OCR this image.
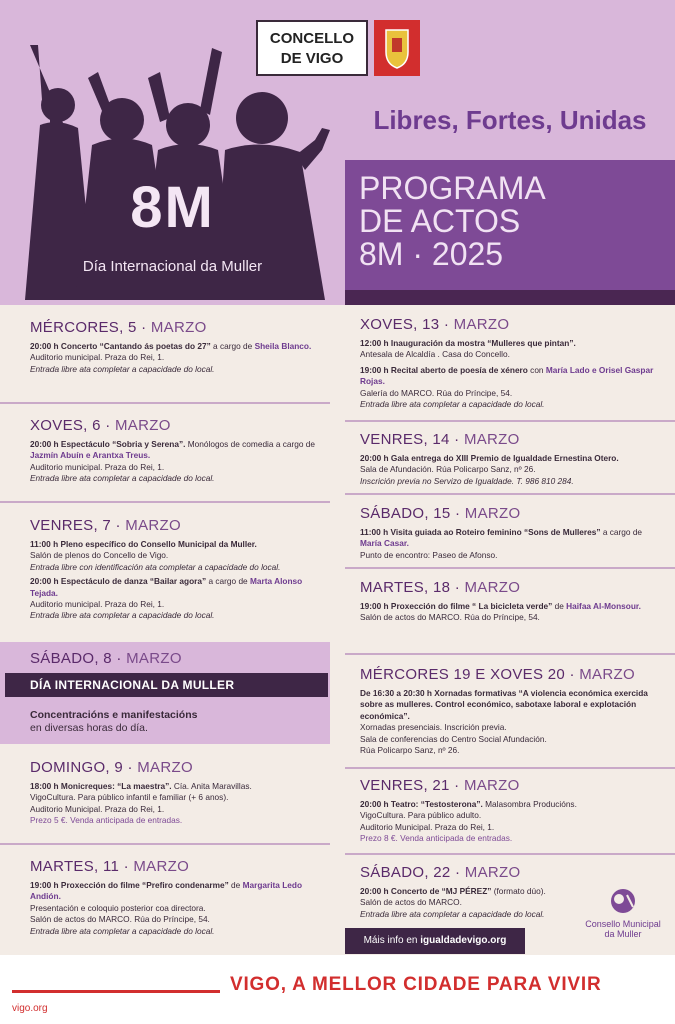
8M
Día Internacional da Muller
CONCELLO
DE VIGO
Libres, Fortes, Unidas
PROGRAMA
DE ACTOS
8M · 2025
MÉRCORES, 5 · MARZO
20:00 h Concerto “Cantando ás poetas do 27” a cargo de Sheila Blanco.
Auditorio municipal. Praza do Rei, 1.
Entrada libre ata completar a capacidade do local.
XOVES, 6 · MARZO
20:00 h Espectáculo “Sobria y Serena”. Monólogos de comedia a cargo de Jazmín Abuín e Arantxa Treus.
Auditorio municipal. Praza do Rei, 1.
Entrada libre ata completar a capacidade do local.
VENRES, 7 · MARZO
11:00 h Pleno específico do Consello Municipal da Muller.
Salón de plenos do Concello de Vigo.
Entrada libre con identificación ata completar a capacidade do local.
20:00 h Espectáculo de danza “Bailar agora” a cargo de Marta Alonso Tejada.
Auditorio municipal. Praza do Rei, 1.
Entrada libre ata completar a capacidade do local.
SÁBADO, 8 · MARZO
DÍA INTERNACIONAL DA MULLER
Concentracións e manifestacións
en diversas horas do día.
DOMINGO, 9 · MARZO
18:00 h Monicreques: “La maestra”. Cía. Anita Maravillas.
VigoCultura. Para público infantil e familiar (+ 6 anos).
Auditorio Municipal. Praza do Rei, 1.
Prezo 5 €. Venda anticipada de entradas.
MARTES, 11 · MARZO
19:00 h Proxección do filme “Prefiro condenarme” de Margarita Ledo Andión.
Presentación e coloquio posterior coa directora.
Salón de actos do MARCO. Rúa do Príncipe, 54.
Entrada libre ata completar a capacidade do local.
XOVES, 13 · MARZO
12:00 h Inauguración da mostra “Mulleres que pintan”.
Antesala de Alcaldía . Casa do Concello.
19:00 h Recital aberto de poesía de xénero con María Lado e Orisel Gaspar Rojas.
Galería do MARCO. Rúa do Príncipe, 54.
Entrada libre ata completar a capacidade do local.
VENRES, 14 · MARZO
20:00 h Gala entrega do XIII Premio de Igualdade Ernestina Otero.
Sala de Afundación. Rúa Policarpo Sanz, nº 26.
Inscrición previa no Servizo de Igualdade. T. 986 810 284.
SÁBADO, 15 · MARZO
11:00 h Visita guiada ao Roteiro feminino “Sons de Mulleres” a cargo de María Casar.
Punto de encontro: Paseo de Afonso.
MARTES, 18 · MARZO
19:00 h Proxección do filme “ La bicicleta verde” de Haifaa Al-Monsour.
Salón de actos do MARCO. Rúa do Príncipe, 54.
MÉRCORES 19 E XOVES 20 · MARZO
De 16:30 a 20:30 h Xornadas formativas “A violencia económica exercida sobre as mulleres. Control económico, sabotaxe laboral e explotación económica”.
Xornadas presenciais. Inscrición previa.
Sala de conferencias do Centro Social Afundación.
Rúa Policarpo Sanz, nº 26.
VENRES, 21 · MARZO
20:00 h Teatro: “Testosterona”. Malasombra Producións.
VigoCultura. Para público adulto.
Auditorio Municipal. Praza do Rei, 1.
Prezo 8 €. Venda anticipada de entradas.
SÁBADO, 22 · MARZO
20:00 h Concerto de “MJ PÉREZ” (formato dúo).
Salón de actos do MARCO.
Entrada libre ata completar a capacidade do local.
Máis info en igualdadevigo.org
Consello Municipal
da Muller
VIGO, A MELLOR CIDADE PARA VIVIR
vigo.org
